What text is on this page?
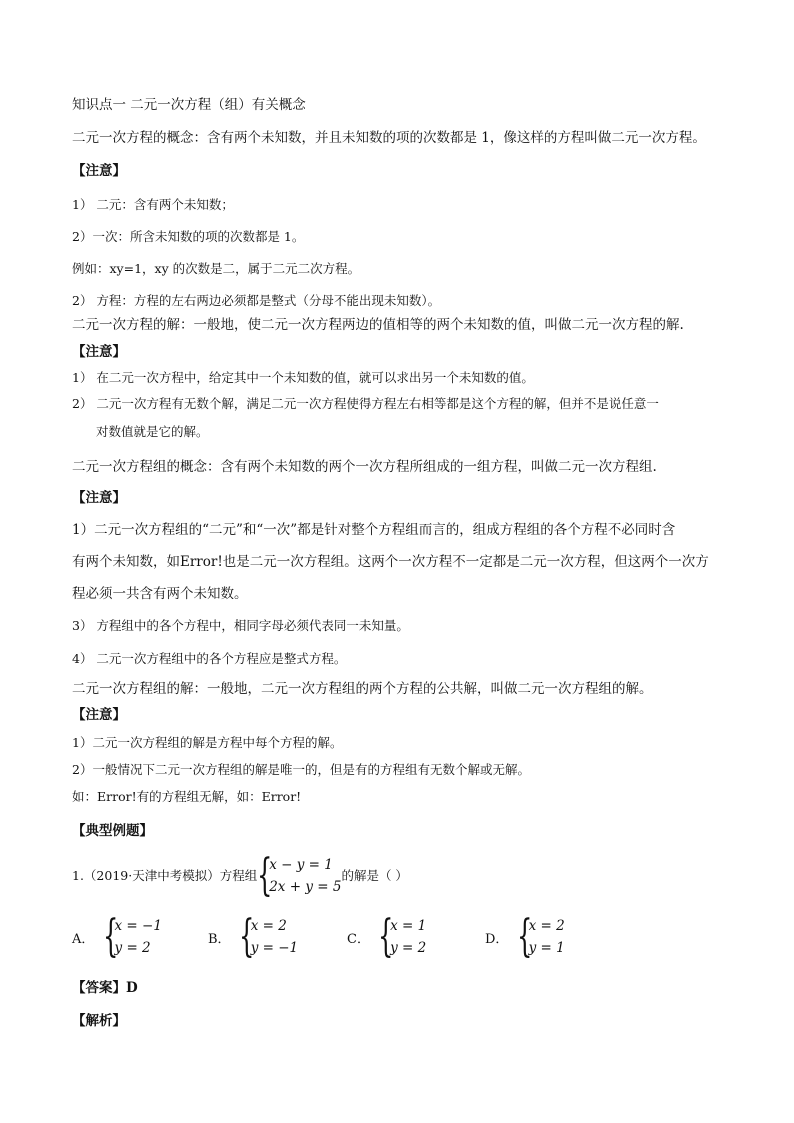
知识点一 二元一次方程（组）有关概念
二元一次方程的概念：含有两个未知数，并且未知数的项的次数都是 1，像这样的方程叫做二元一次方程。
【注意】
1） 二元：含有两个未知数；
2）一次：所含未知数的项的次数都是 1。
例如：xy=1，xy 的次数是二，属于二元二次方程。
2） 方程：方程的左右两边必须都是整式（分母不能出现未知数）。
二元一次方程的解：一般地，使二元一次方程两边的值相等的两个未知数的值，叫做二元一次方程的解.
【注意】
1） 在二元一次方程中，给定其中一个未知数的值，就可以求出另一个未知数的值。
2） 二元一次方程有无数个解，满足二元一次方程使得方程左右相等都是这个方程的解，但并不是说任意一
对数值就是它的解。
二元一次方程组的概念：含有两个未知数的两个一次方程所组成的一组方程，叫做二元一次方程组.
【注意】
1）二元一次方程组的“二元”和“一次”都是针对整个方程组而言的，组成方程组的各个方程不必同时含
有两个未知数，如Error!也是二元一次方程组。这两个一次方程不一定都是二元一次方程，但这两个一次方
程必须一共含有两个未知数。
3） 方程组中的各个方程中，相同字母必须代表同一未知量。
4） 二元一次方程组中的各个方程应是整式方程。
二元一次方程组的解：一般地，二元一次方程组的两个方程的公共解，叫做二元一次方程组的解。
【注意】
1）二元一次方程组的解是方程中每个方程的解。
2）一般情况下二元一次方程组的解是唯一的，但是有的方程组有无数个解或无解。
如：Error!有的方程组无解，如：Error!
【典型例题】
1.（2019·天津中考模拟）方程组 {
x − y = 1
2x + y = 5
的解是（ ）
A． {
x = −1
y = 2
B． {
x = 2
y = −1
C． {
x = 1
y = 2
D． {
x = 2
y = 1
【答案】D
【解析】
